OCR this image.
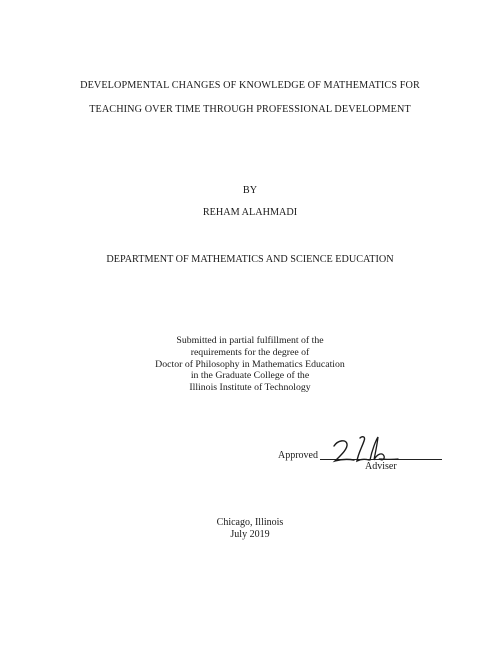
DEVELOPMENTAL CHANGES OF KNOWLEDGE OF MATHEMATICS FOR
TEACHING OVER TIME THROUGH PROFESSIONAL DEVELOPMENT
BY
REHAM ALAHMADI
DEPARTMENT OF MATHEMATICS AND SCIENCE EDUCATION
Submitted in partial fulfillment of the
requirements for the degree of
Doctor of Philosophy in Mathematics Education
in the Graduate College of the
Illinois Institute of Technology
Approved
Adviser
Chicago, Illinois
July 2019
